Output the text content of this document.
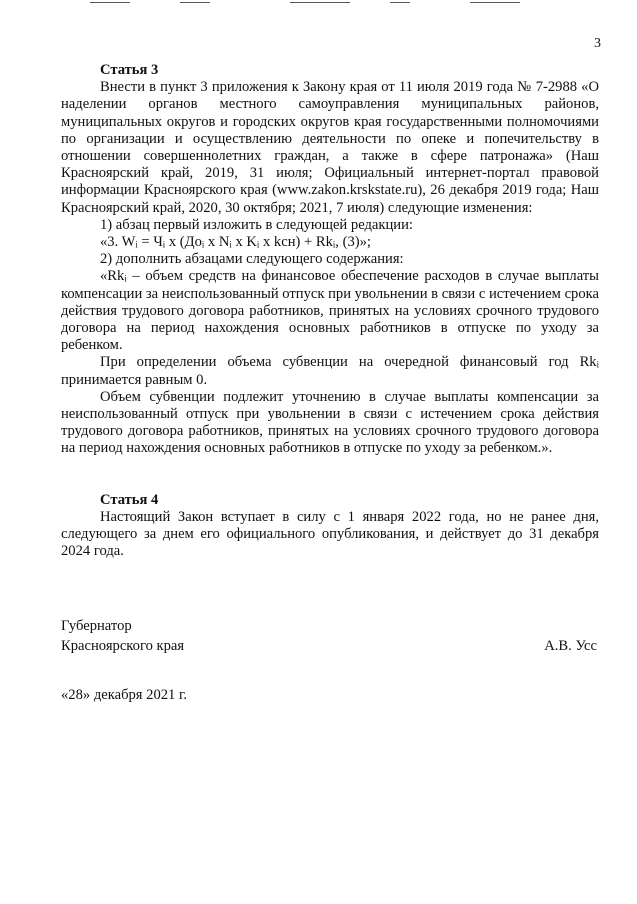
3
Статья 3

Внести в пункт 3 приложения к Закону края от 11 июля 2019 года № 7-2988 «О наделении органов местного самоуправления муниципальных районов, муниципальных округов и городских округов края государственными полномочиями по организации и осуществлению деятельности по опеке и попечительству в отношении совершеннолетних граждан, а также в сфере патронажа» (Наш Красноярский край, 2019, 31 июля; Официальный интернет-портал правовой информации Красноярского края (www.zakon.krskstate.ru), 26 декабря 2019 года; Наш Красноярский край, 2020, 30 октября; 2021, 7 июля) следующие изменения:

1) абзац первый изложить в следующей редакции:

«3. Wᵢ = Чᵢ x (Доᵢ x Nᵢ x Kᵢ x kсн) + Rkᵢ, (3)»;

2) дополнить абзацами следующего содержания:

«Rkᵢ – объем средств на финансовое обеспечение расходов в случае выплаты компенсации за неиспользованный отпуск при увольнении в связи с истечением срока действия трудового договора работников, принятых на условиях срочного трудового договора на период нахождения основных работников в отпуске по уходу за ребенком.

При определении объема субвенции на очередной финансовый год Rkᵢ принимается равным 0.

Объем субвенции подлежит уточнению в случае выплаты компенсации за неиспользованный отпуск при увольнении в связи с истечением срока действия трудового договора работников, принятых на условиях срочного трудового договора на период нахождения основных работников в отпуске по уходу за ребенком.».

Статья 4

Настоящий Закон вступает в силу с 1 января 2022 года, но не ранее дня, следующего за днем его официального опубликования, и действует до 31 декабря 2024 года.

Губернатор
Красноярского края	А.В. Усс
«28» декабря 2021 г.
